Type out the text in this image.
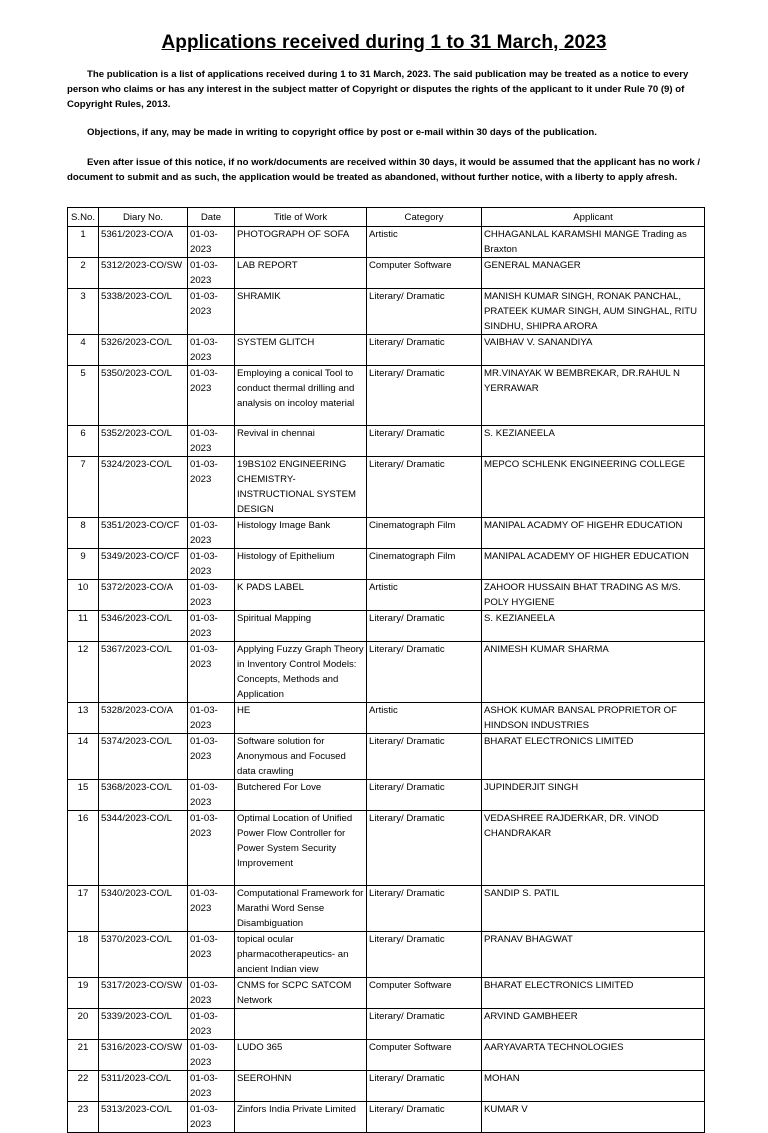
Applications received during 1 to 31 March, 2023
The publication is a list of applications received during 1 to 31 March, 2023. The said publication may be treated as a notice to every person who claims or has any interest in the subject matter of Copyright or disputes the rights of the applicant to it under Rule 70 (9) of Copyright Rules, 2013.
Objections, if any, may be made in writing to copyright office by post or e-mail within 30 days of the publication.
Even after issue of this notice, if no work/documents are received within 30 days, it would be assumed that the applicant has no work / document to submit and as such, the application would be treated as abandoned, without further notice, with a liberty to apply afresh.
S.No.	Diary No.	Date	Title of Work	Category	Applicant
1	5361/2023-CO/A	01-03-2023	PHOTOGRAPH OF SOFA	Artistic	CHHAGANLAL KARAMSHI MANGE Trading as Braxton
2	5312/2023-CO/SW	01-03-2023	LAB REPORT	Computer Software	GENERAL MANAGER
3	5338/2023-CO/L	01-03-2023	SHRAMIK	Literary/ Dramatic	MANISH KUMAR SINGH, RONAK PANCHAL, PRATEEK KUMAR SINGH, AUM SINGHAL, RITU SINDHU, SHIPRA ARORA
4	5326/2023-CO/L	01-03-2023	SYSTEM GLITCH	Literary/ Dramatic	VAIBHAV V. SANANDIYA
5	5350/2023-CO/L	01-03-2023	Employing a conical Tool to conduct thermal drilling and analysis on incoloy material	Literary/ Dramatic	MR.VINAYAK W BEMBREKAR, DR.RAHUL N YERRAWAR
6	5352/2023-CO/L	01-03-2023	Revival in chennai	Literary/ Dramatic	S. KEZIANEELA
7	5324/2023-CO/L	01-03-2023	19BS102 ENGINEERING CHEMISTRY-INSTRUCTIONAL SYSTEM DESIGN	Literary/ Dramatic	MEPCO SCHLENK ENGINEERING COLLEGE
8	5351/2023-CO/CF	01-03-2023	Histology Image Bank	Cinematograph Film	MANIPAL ACADMY OF HIGEHR EDUCATION
9	5349/2023-CO/CF	01-03-2023	Histology of Epithelium	Cinematograph Film	MANIPAL ACADEMY OF HIGHER EDUCATION
10	5372/2023-CO/A	01-03-2023	K PADS LABEL	Artistic	ZAHOOR HUSSAIN BHAT TRADING AS M/S. POLY HYGIENE
11	5346/2023-CO/L	01-03-2023	Spiritual Mapping	Literary/ Dramatic	S. KEZIANEELA
12	5367/2023-CO/L	01-03-2023	Applying Fuzzy Graph Theory in Inventory Control Models: Concepts, Methods and Application	Literary/ Dramatic	ANIMESH KUMAR SHARMA
13	5328/2023-CO/A	01-03-2023	HE	Artistic	ASHOK KUMAR BANSAL PROPRIETOR OF HINDSON INDUSTRIES
14	5374/2023-CO/L	01-03-2023	Software solution for Anonymous and Focused data crawling	Literary/ Dramatic	BHARAT ELECTRONICS LIMITED
15	5368/2023-CO/L	01-03-2023	Butchered For Love	Literary/ Dramatic	JUPINDERJIT SINGH
16	5344/2023-CO/L	01-03-2023	Optimal Location of Unified Power Flow Controller for Power System Security Improvement	Literary/ Dramatic	VEDASHREE RAJDERKAR, DR. VINOD CHANDRAKAR
17	5340/2023-CO/L	01-03-2023	Computational Framework for Marathi Word Sense Disambiguation	Literary/ Dramatic	SANDIP S. PATIL
18	5370/2023-CO/L	01-03-2023	topical ocular pharmacotherapeutics- an ancient Indian view	Literary/ Dramatic	PRANAV BHAGWAT
19	5317/2023-CO/SW	01-03-2023	CNMS for SCPC SATCOM Network	Computer Software	BHARAT ELECTRONICS LIMITED
20	5339/2023-CO/L	01-03-2023		Literary/ Dramatic	ARVIND GAMBHEER
21	5316/2023-CO/SW	01-03-2023	LUDO 365	Computer Software	AARYAVARTA TECHNOLOGIES
22	5311/2023-CO/L	01-03-2023	SEEROHNN	Literary/ Dramatic	MOHAN
23	5313/2023-CO/L	01-03-2023	Zinfors India Private Limited	Literary/ Dramatic	KUMAR V
